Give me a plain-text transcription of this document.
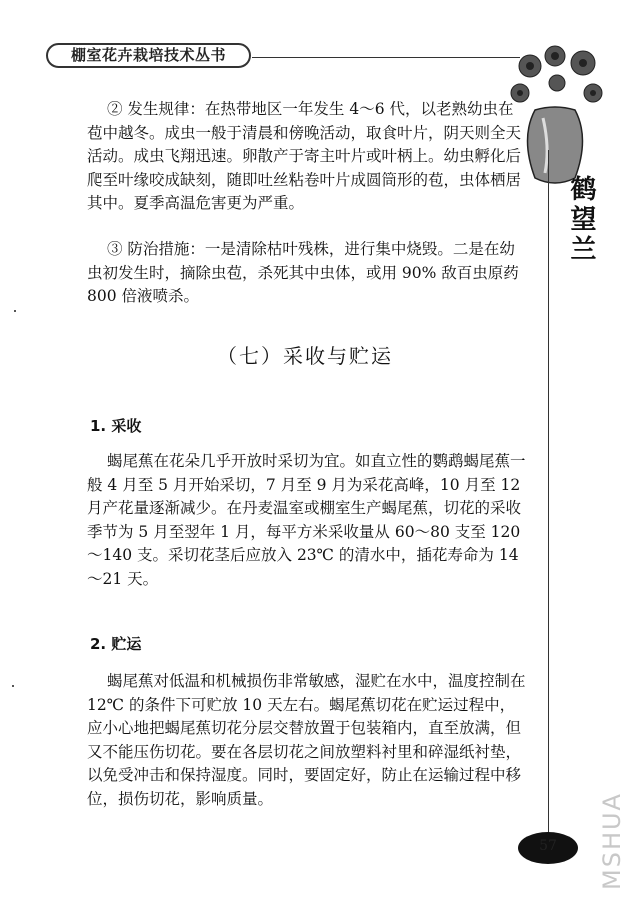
棚室花卉栽培技术丛书
鹤望兰

② 发生规律：在热带地区一年发生 4～6 代，以老熟幼虫在苞中越冬。成虫一般于清晨和傍晚活动，取食叶片，阴天则全天活动。成虫飞翔迅速。卵散产于寄主叶片或叶柄上。幼虫孵化后爬至叶缘咬成缺刻，随即吐丝粘卷叶片成圆筒形的苞，虫体栖居其中。夏季高温危害更为严重。

③ 防治措施：一是清除枯叶残株，进行集中烧毁。二是在幼虫初发生时，摘除虫苞，杀死其中虫体，或用 90% 敌百虫原药 800 倍液喷杀。

（七）采收与贮运
1. 采收

蝎尾蕉在花朵几乎开放时采切为宜。如直立性的鹦鹉蝎尾蕉一般 4 月至 5 月开始采切，7 月至 9 月为采花高峰，10 月至 12 月产花量逐渐减少。在丹麦温室或棚室生产蝎尾蕉，切花的采收季节为 5 月至翌年 1 月，每平方米采收量从 60～80 支至 120～140 支。采切花茎后应放入 23℃ 的清水中，插花寿命为 14～21 天。

2. 贮运

蝎尾蕉对低温和机械损伤非常敏感，湿贮在水中，温度控制在 12℃ 的条件下可贮放 10 天左右。蝎尾蕉切花在贮运过程中，应小心地把蝎尾蕉切花分层交替放置于包装箱内，直至放满，但又不能压伤切花。要在各层切花之间放塑料衬里和碎湿纸衬垫，以免受冲击和保持湿度。同时，要固定好，防止在运输过程中移位，损伤切花，影响质量。

57	MSHUA
